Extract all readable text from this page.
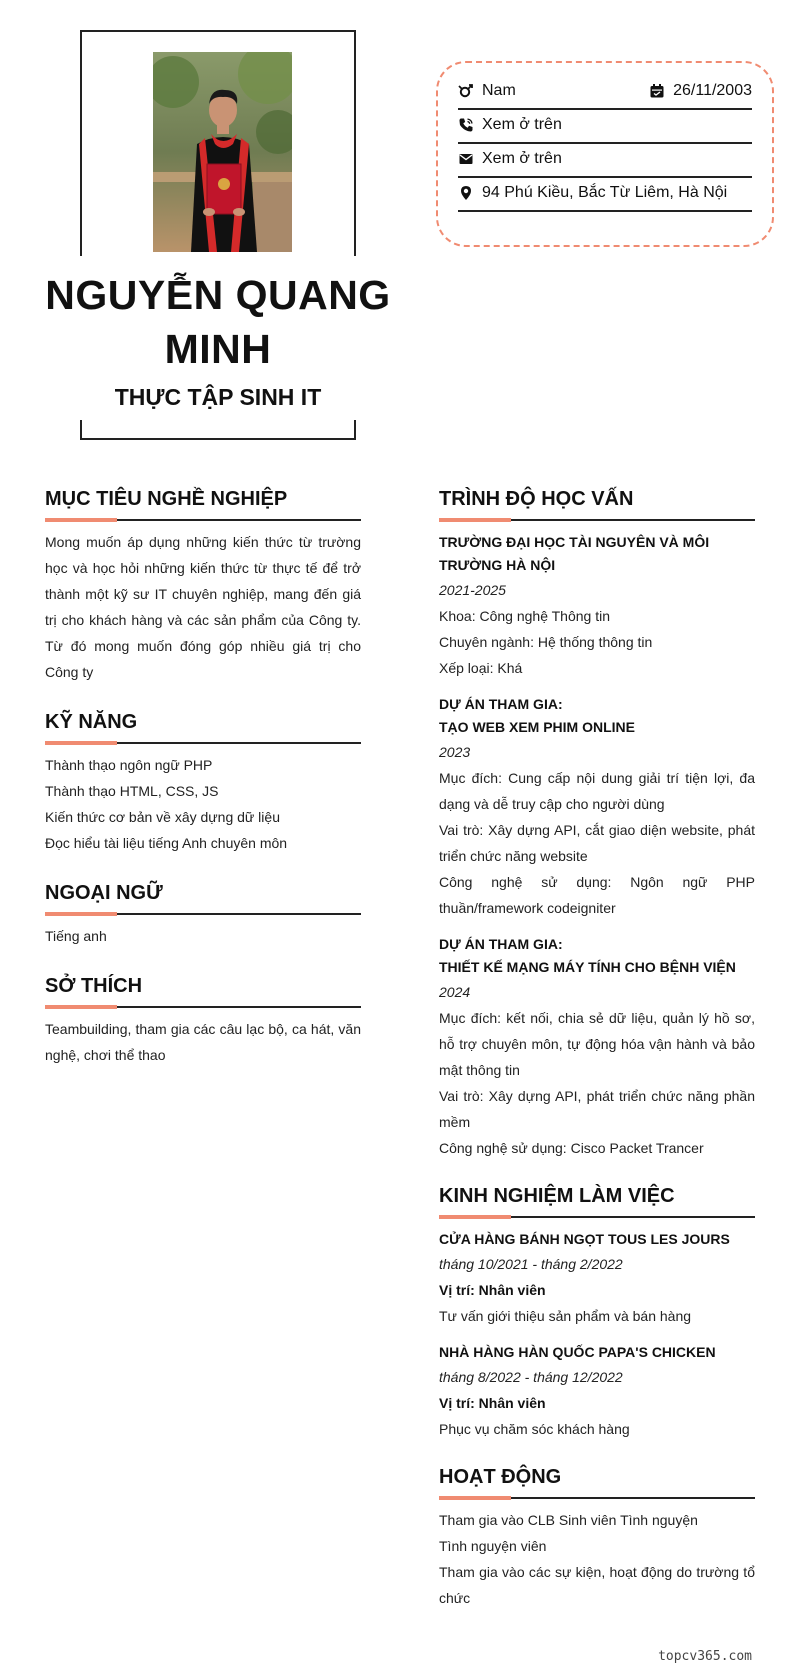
NGUYỄN QUANG MINH
THỰC TẬP SINH IT
Nam	26/11/2003
Xem ở trên
Xem ở trên
94 Phú Kiều, Bắc Từ Liêm, Hà Nội
MỤC TIÊU NGHỀ NGHIỆP
Mong muốn áp dụng những kiến thức từ trường học và học hỏi những kiến thức từ thực tế để trở thành một kỹ sư IT chuyên nghiệp, mang đến giá trị cho khách hàng và các sản phẩm của Công ty. Từ đó mong muốn đóng góp nhiều giá trị cho Công ty
KỸ NĂNG
Thành thạo ngôn ngữ PHP
Thành thạo HTML, CSS, JS
Kiến thức cơ bản về xây dựng dữ liệu
Đọc hiểu tài liệu tiếng Anh chuyên môn
NGOẠI NGỮ
Tiếng anh
SỞ THÍCH
Teambuilding, tham gia các câu lạc bộ, ca hát, văn nghệ, chơi thể thao
TRÌNH ĐỘ HỌC VẤN
TRƯỜNG ĐẠI HỌC TÀI NGUYÊN VÀ MÔI TRƯỜNG HÀ NỘI
2021-2025
Khoa: Công nghệ Thông tin
Chuyên ngành: Hệ thống thông tin
Xếp loại: Khá
DỰ ÁN THAM GIA:
TẠO WEB XEM PHIM ONLINE
2023
Mục đích: Cung cấp nội dung giải trí tiện lợi, đa dạng và dễ truy cập cho người dùng
Vai trò: Xây dựng API, cắt giao diện website, phát triển chức năng website
Công nghệ sử dụng: Ngôn ngữ PHP thuần/framework codeigniter
DỰ ÁN THAM GIA:
THIẾT KẾ MẠNG MÁY TÍNH CHO BỆNH VIỆN
2024
Mục đích: kết nối, chia sẻ dữ liệu, quản lý hồ sơ, hỗ trợ chuyên môn, tự động hóa vận hành và bảo mật thông tin
Vai trò: Xây dựng API, phát triển chức năng phần mềm
Công nghệ sử dụng: Cisco Packet Trancer
KINH NGHIỆM LÀM VIỆC
CỬA HÀNG BÁNH NGỌT TOUS LES JOURS
tháng 10/2021 - tháng 2/2022
Vị trí: Nhân viên
Tư vấn giới thiệu sản phẩm và bán hàng
NHÀ HÀNG HÀN QUỐC PAPA'S CHICKEN
tháng 8/2022 - tháng 12/2022
Vị trí: Nhân viên
Phục vụ chăm sóc khách hàng
HOẠT ĐỘNG
Tham gia vào CLB Sinh viên Tình nguyện
Tình nguyện viên
Tham gia vào các sự kiện, hoạt động do trường tổ chức
topcv365.com
